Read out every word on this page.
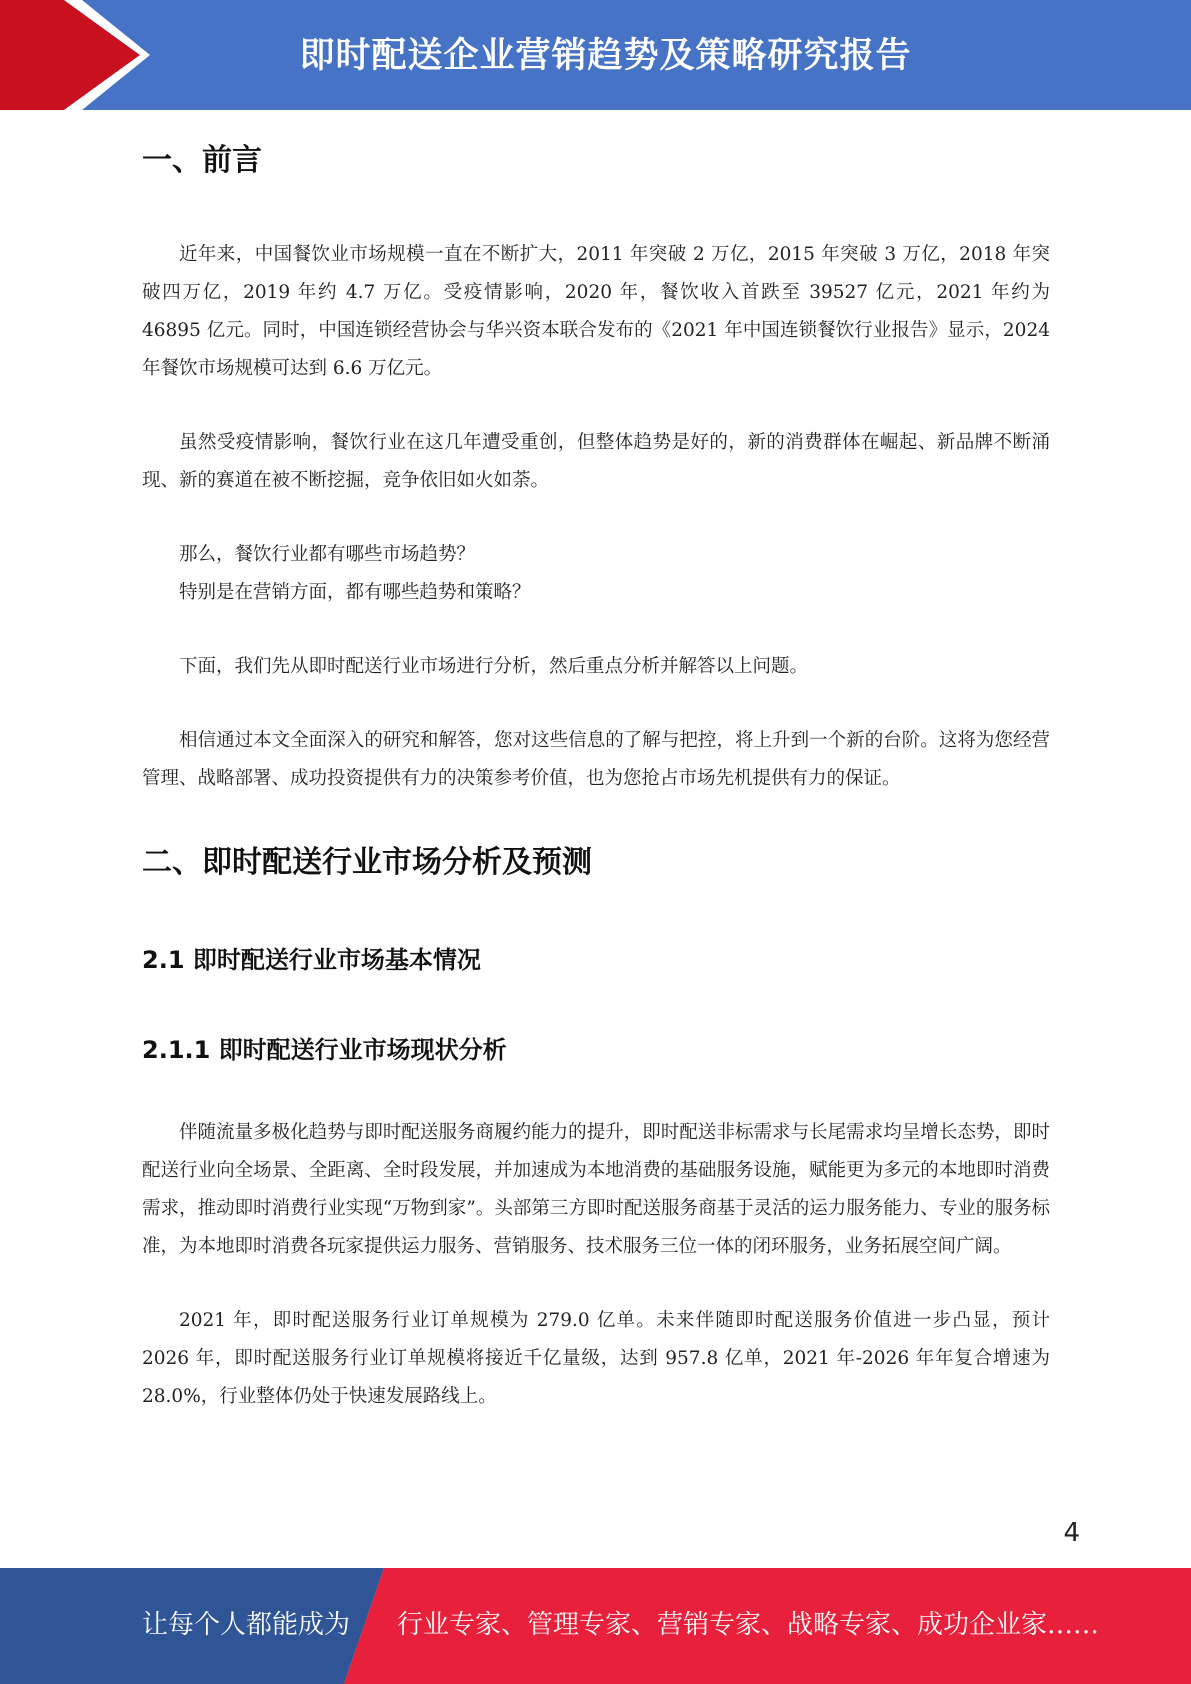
即时配送企业营销趋势及策略研究报告
一、前言

近年来，中国餐饮业市场规模一直在不断扩大，2011 年突破 2 万亿，2015 年突破 3 万亿，2018 年突破四万亿，2019 年约 4.7 万亿。受疫情影响，2020 年，餐饮收入首跌至 39527 亿元，2021 年约为 46895 亿元。同时，中国连锁经营协会与华兴资本联合发布的《2021 年中国连锁餐饮行业报告》显示，2024 年餐饮市场规模可达到 6.6 万亿元。

虽然受疫情影响，餐饮行业在这几年遭受重创，但整体趋势是好的，新的消费群体在崛起、新品牌不断涌现、新的赛道在被不断挖掘，竞争依旧如火如荼。

那么，餐饮行业都有哪些市场趋势？

特别是在营销方面，都有哪些趋势和策略？

下面，我们先从即时配送行业市场进行分析，然后重点分析并解答以上问题。

相信通过本文全面深入的研究和解答，您对这些信息的了解与把控，将上升到一个新的台阶。这将为您经营管理、战略部署、成功投资提供有力的决策参考价值，也为您抢占市场先机提供有力的保证。

二、即时配送行业市场分析及预测
2.1 即时配送行业市场基本情况
2.1.1 即时配送行业市场现状分析

伴随流量多极化趋势与即时配送服务商履约能力的提升，即时配送非标需求与长尾需求均呈增长态势，即时配送行业向全场景、全距离、全时段发展，并加速成为本地消费的基础服务设施，赋能更为多元的本地即时消费需求，推动即时消费行业实现“万物到家”。头部第三方即时配送服务商基于灵活的运力服务能力、专业的服务标准，为本地即时消费各玩家提供运力服务、营销服务、技术服务三位一体的闭环服务，业务拓展空间广阔。

2021 年，即时配送服务行业订单规模为 279.0 亿单。未来伴随即时配送服务价值进一步凸显，预计 2026 年，即时配送服务行业订单规模将接近千亿量级，达到 957.8 亿单，2021 年-2026 年年复合增速为 28.0%，行业整体仍处于快速发展路线上。

4
让每个人都能成为 行业专家、管理专家、营销专家、战略专家、成功企业家……
